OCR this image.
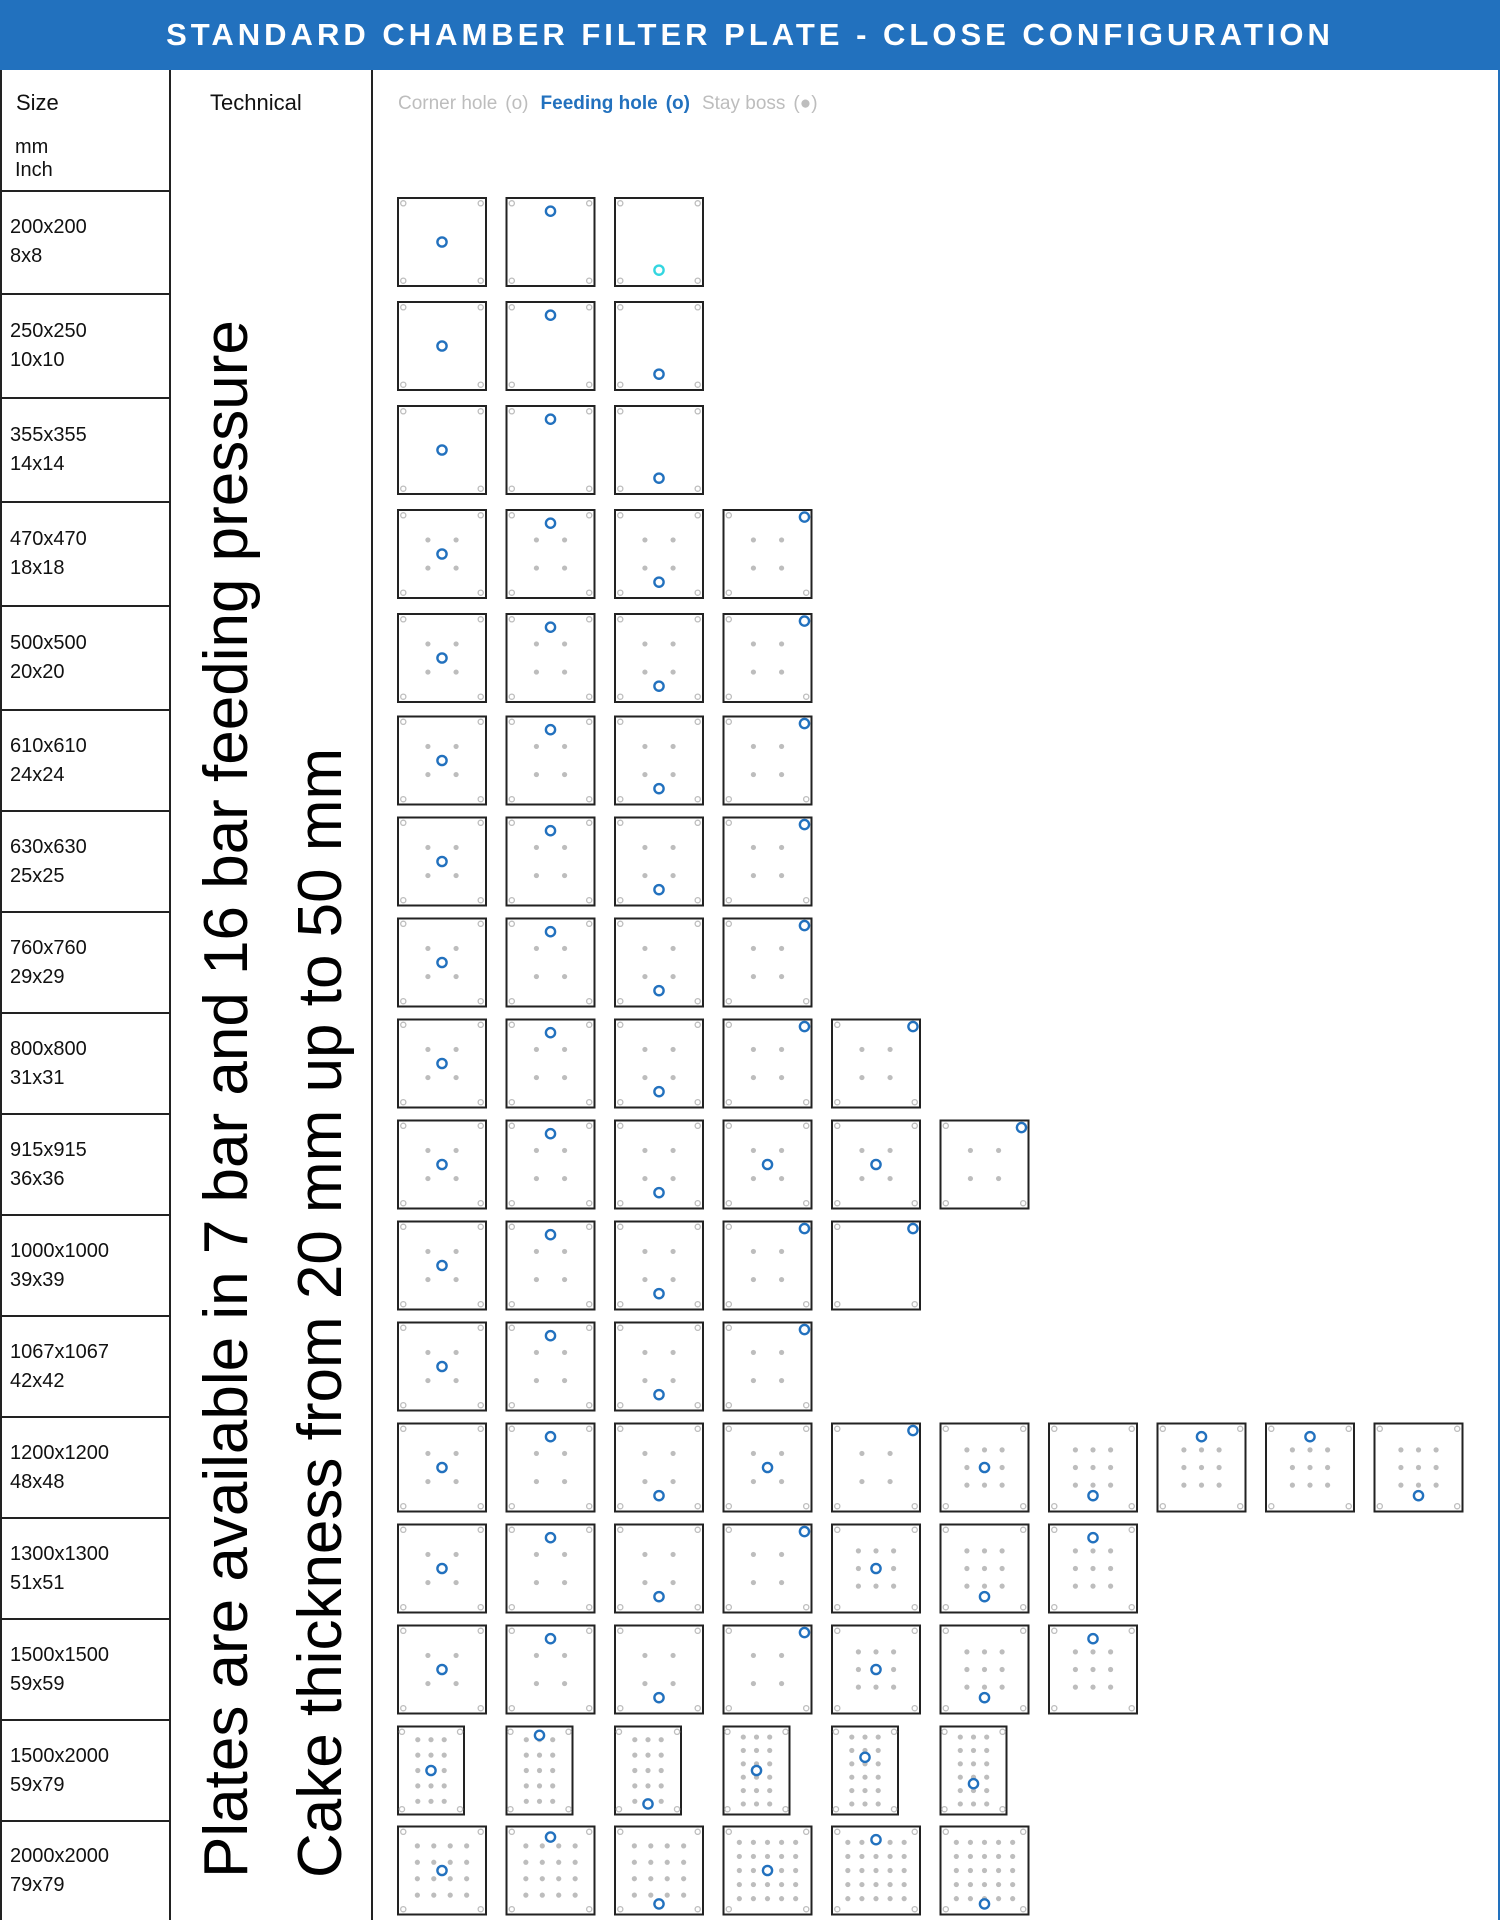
STANDARD CHAMBER FILTER PLATE - CLOSE CONFIGURATION
Size
mm
Inch
Technical	Corner hole (o) Feeding hole (o) Stay boss (●)
200x200
8x8
250x250
10x10
355x355
14x14
470x470
18x18
500x500
20x20
610x610
24x24
630x630
25x25
760x760
29x29
800x800
31x31
915x915
36x36
1000x1000
39x39
1067x1067
42x42
1200x1200
48x48
1300x1300
51x51
1500x1500
59x59
1500x2000
59x79
2000x2000
79x79
Plates are available in 7 bar and 16 bar feeding pressure Cake thickness from 20 mm up to 50 mm
